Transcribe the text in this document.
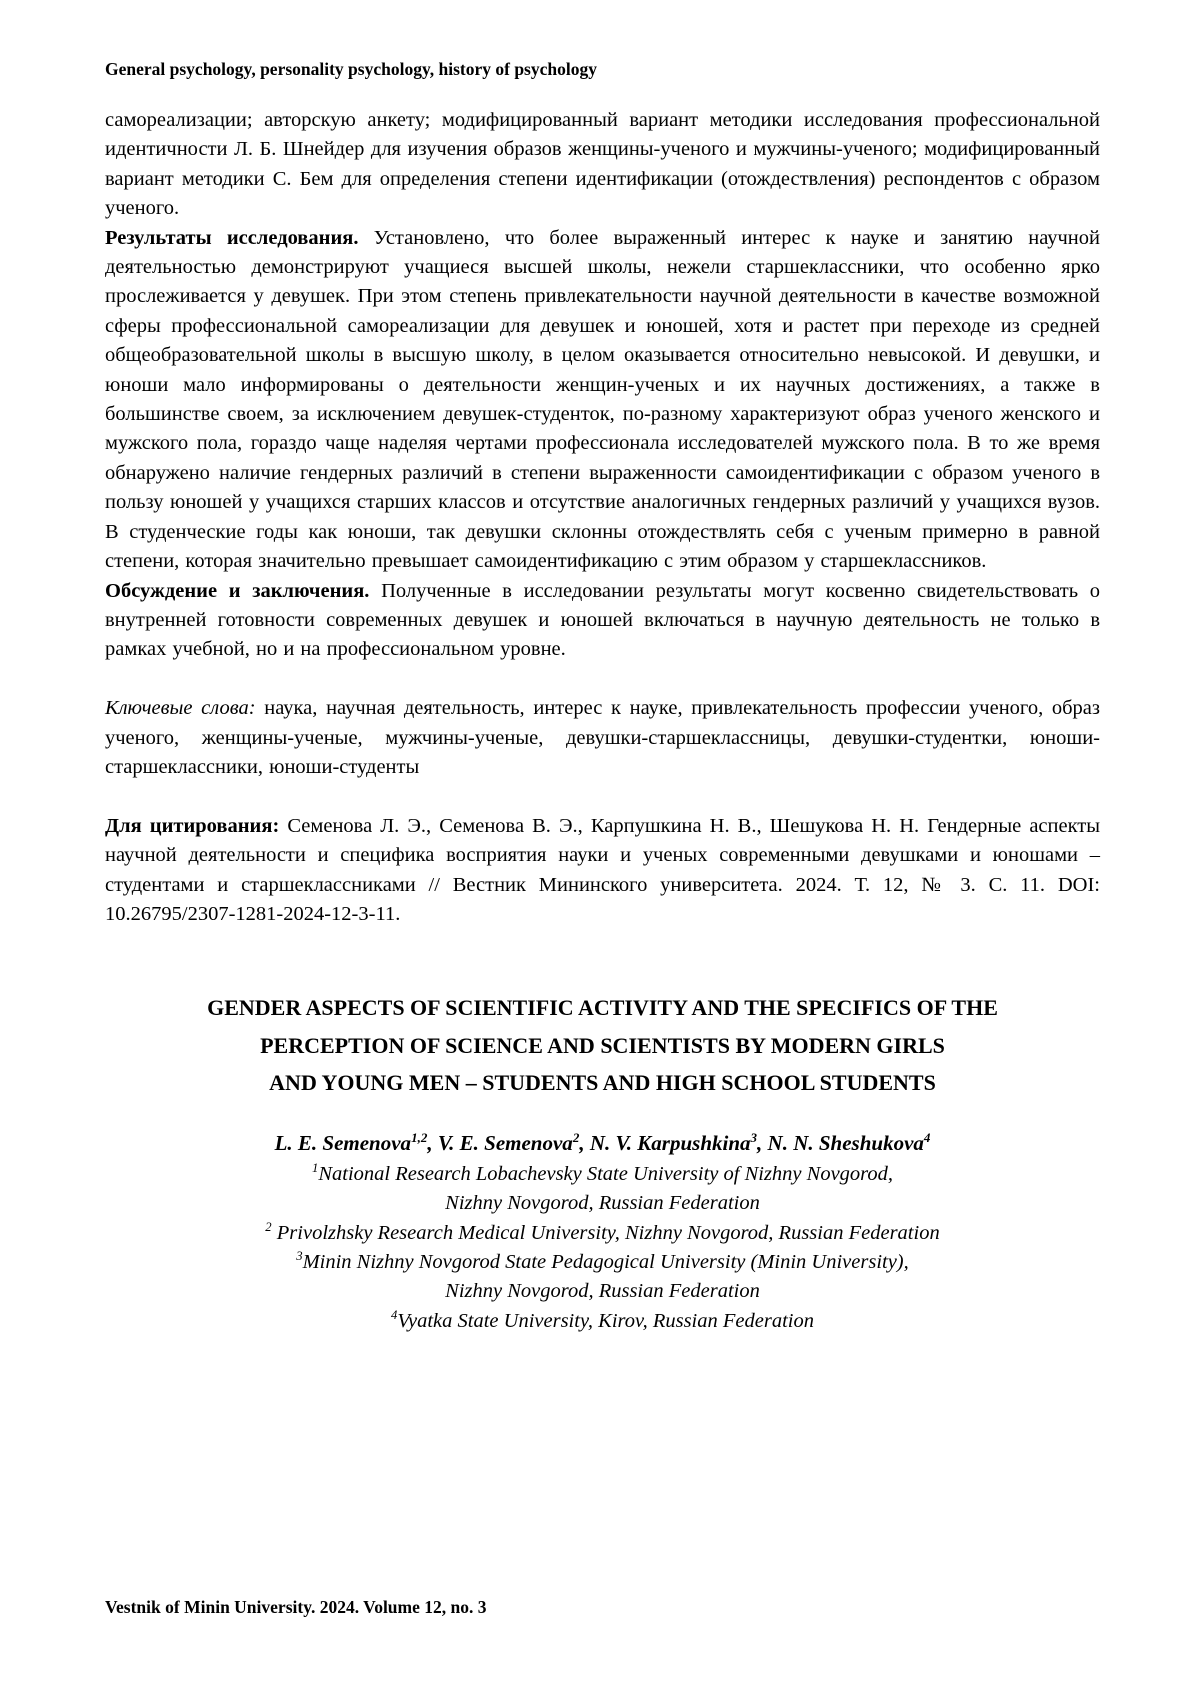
General psychology, personality psychology, history of psychology

самореализации; авторскую анкету; модифицированный вариант методики исследования профессиональной идентичности Л. Б. Шнейдер для изучения образов женщины-ученого и мужчины-ученого; модифицированный вариант методики С. Бем для определения степени идентификации (отождествления) респондентов с образом ученого.

Результаты исследования. Установлено, что более выраженный интерес к науке и занятию научной деятельностью демонстрируют учащиеся высшей школы, нежели старшеклассники, что особенно ярко прослеживается у девушек. При этом степень привлекательности научной деятельности в качестве возможной сферы профессиональной самореализации для девушек и юношей, хотя и растет при переходе из средней общеобразовательной школы в высшую школу, в целом оказывается относительно невысокой. И девушки, и юноши мало информированы о деятельности женщин-ученых и их научных достижениях, а также в большинстве своем, за исключением девушек-студенток, по-разному характеризуют образ ученого женского и мужского пола, гораздо чаще наделяя чертами профессионала исследователей мужского пола. В то же время обнаружено наличие гендерных различий в степени выраженности самоидентификации с образом ученого в пользу юношей у учащихся старших классов и отсутствие аналогичных гендерных различий у учащихся вузов. В студенческие годы как юноши, так девушки склонны отождествлять себя с ученым примерно в равной степени, которая значительно превышает самоидентификацию с этим образом у старшеклассников.

Обсуждение и заключения. Полученные в исследовании результаты могут косвенно свидетельствовать о внутренней готовности современных девушек и юношей включаться в научную деятельность не только в рамках учебной, но и на профессиональном уровне.

Ключевые слова: наука, научная деятельность, интерес к науке, привлекательность профессии ученого, образ ученого, женщины-ученые, мужчины-ученые, девушки-старшеклассницы, девушки-студентки, юноши-старшеклассники, юноши-студенты

Для цитирования: Семенова Л. Э., Семенова В. Э., Карпушкина Н. В., Шешукова Н. Н. Гендерные аспекты научной деятельности и специфика восприятия науки и ученых современными девушками и юношами – студентами и старшеклассниками // Вестник Мининского университета. 2024. Т. 12, № 3. С. 11. DOI: 10.26795/2307-1281-2024-12-3-11.

GENDER ASPECTS OF SCIENTIFIC ACTIVITY AND THE SPECIFICS OF THE
PERCEPTION OF SCIENCE AND SCIENTISTS BY MODERN GIRLS
AND YOUNG MEN – STUDENTS AND HIGH SCHOOL STUDENTS
L. E. Semenova$^{1,2}$, V. E. Semenova$^2$, N. V. Karpushkina$^3$, N. N. Sheshukova$^4$
$^1$National Research Lobachevsky State University of Nizhny Novgorod,
Nizhny Novgorod, Russian Federation
$^2$ Privolzhsky Research Medical University, Nizhny Novgorod, Russian Federation
$^3$Minin Nizhny Novgorod State Pedagogical University (Minin University),
Nizhny Novgorod, Russian Federation
$^4$Vyatka State University, Kirov, Russian Federation
Vestnik of Minin University. 2024. Volume 12, no. 3
